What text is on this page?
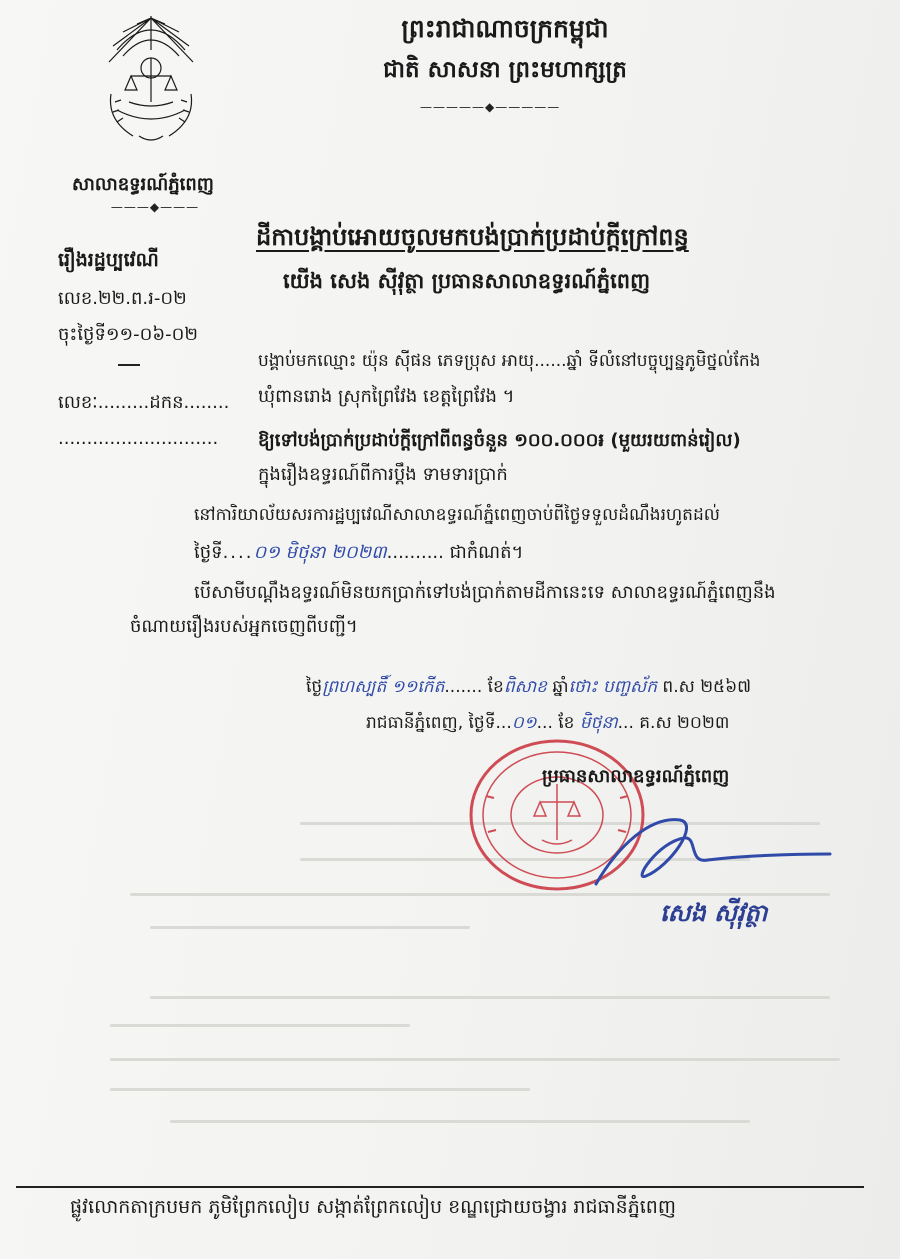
ព្រះរាជាណាចក្រកម្ពុជា
ជាតិ សាសនា ព្រះមហាក្សត្រ
—————◆—————
សាលាឧទ្ធរណ៍ភ្នំពេញ
———◆———
ដីកាបង្គាប់អោយចូលមកបង់ប្រាក់ប្រដាប់ក្តីក្រៅពន្ធ
យើង សេង ស៊ីវុត្ថា ប្រធានសាលាឧទ្ធរណ៍ភ្នំពេញ
រឿងរដ្ឋប្បវេណី
លេខ.២២.ព.រ-០២
ចុះថ្ងៃទី១១-០៦-០២
លេខៈ.........ដកន........
............................
បង្គាប់មកឈ្មោះ យ៉ុន ស៊ីផន ភេទប្រុស អាយុ......ឆ្នាំ ទីលំនៅបច្ចុប្បន្នភូមិថ្នល់កែង
ឃុំពានរោង ស្រុកព្រៃវែង ខេត្តព្រៃវែង ។
ឱ្យទៅបង់ប្រាក់ប្រដាប់ក្តីក្រៅពីពន្ធចំនួន ១០០.០០០៛ (មួយរយពាន់រៀល)
ក្នុងរឿងឧទ្ធរណ៍ពីការប្តឹង ទាមទារប្រាក់
នៅការិយាល័យសរការដ្ឋប្បវេណីសាលាឧទ្ធរណ៍ភ្នំពេញចាប់ពីថ្ងៃទទួលដំណឹងរហូតដល់
ថ្ងៃទី....០១ មិថុនា ២០២៣.......... ជាកំណត់។
បើសាមីបណ្តឹងឧទ្ធរណ៍មិនយកប្រាក់ទៅបង់ប្រាក់តាមដីកានេះទេ សាលាឧទ្ធរណ៍ភ្នំពេញនឹង
ចំណាយរឿងរបស់អ្នកចេញពីបញ្ជី។
ថ្ងៃព្រហស្បតិ៍ ១១កើត....... ខែពិសាខ ឆ្នាំថោះ បញ្ចស័ក ព.ស ២៥៦៧
រាជធានីភ្នំពេញ, ថ្ងៃទី...០១... ខែ មិថុនា... គ.ស ២០២៣
ប្រធានសាលាឧទ្ធរណ៍ភ្នំពេញ
សេង ស៊ីវុត្ថា
ផ្លូវលោកតាក្របមក ភូមិព្រែកលៀប សង្កាត់ព្រែកលៀប ខណ្ឌជ្រោយចង្វារ រាជធានីភ្នំពេញ
